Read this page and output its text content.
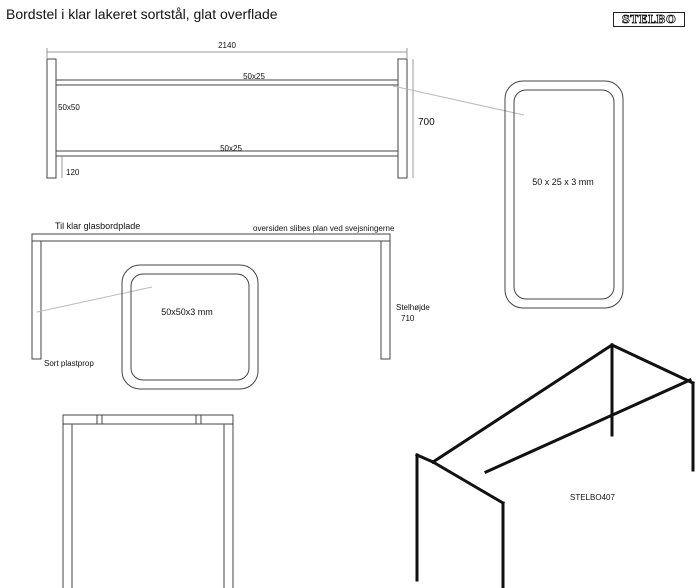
Bordstel i klar lakeret sortstål, glat overflade	STELBO
2140
50x25
50x25
50x50
700
120
50 x 25 x 3 mm
Til klar glasbordplade	oversiden slibes plan ved svejsningerne
Sort plastprop
Stelhøjde
710
50x50x3 mm
STELBO407
